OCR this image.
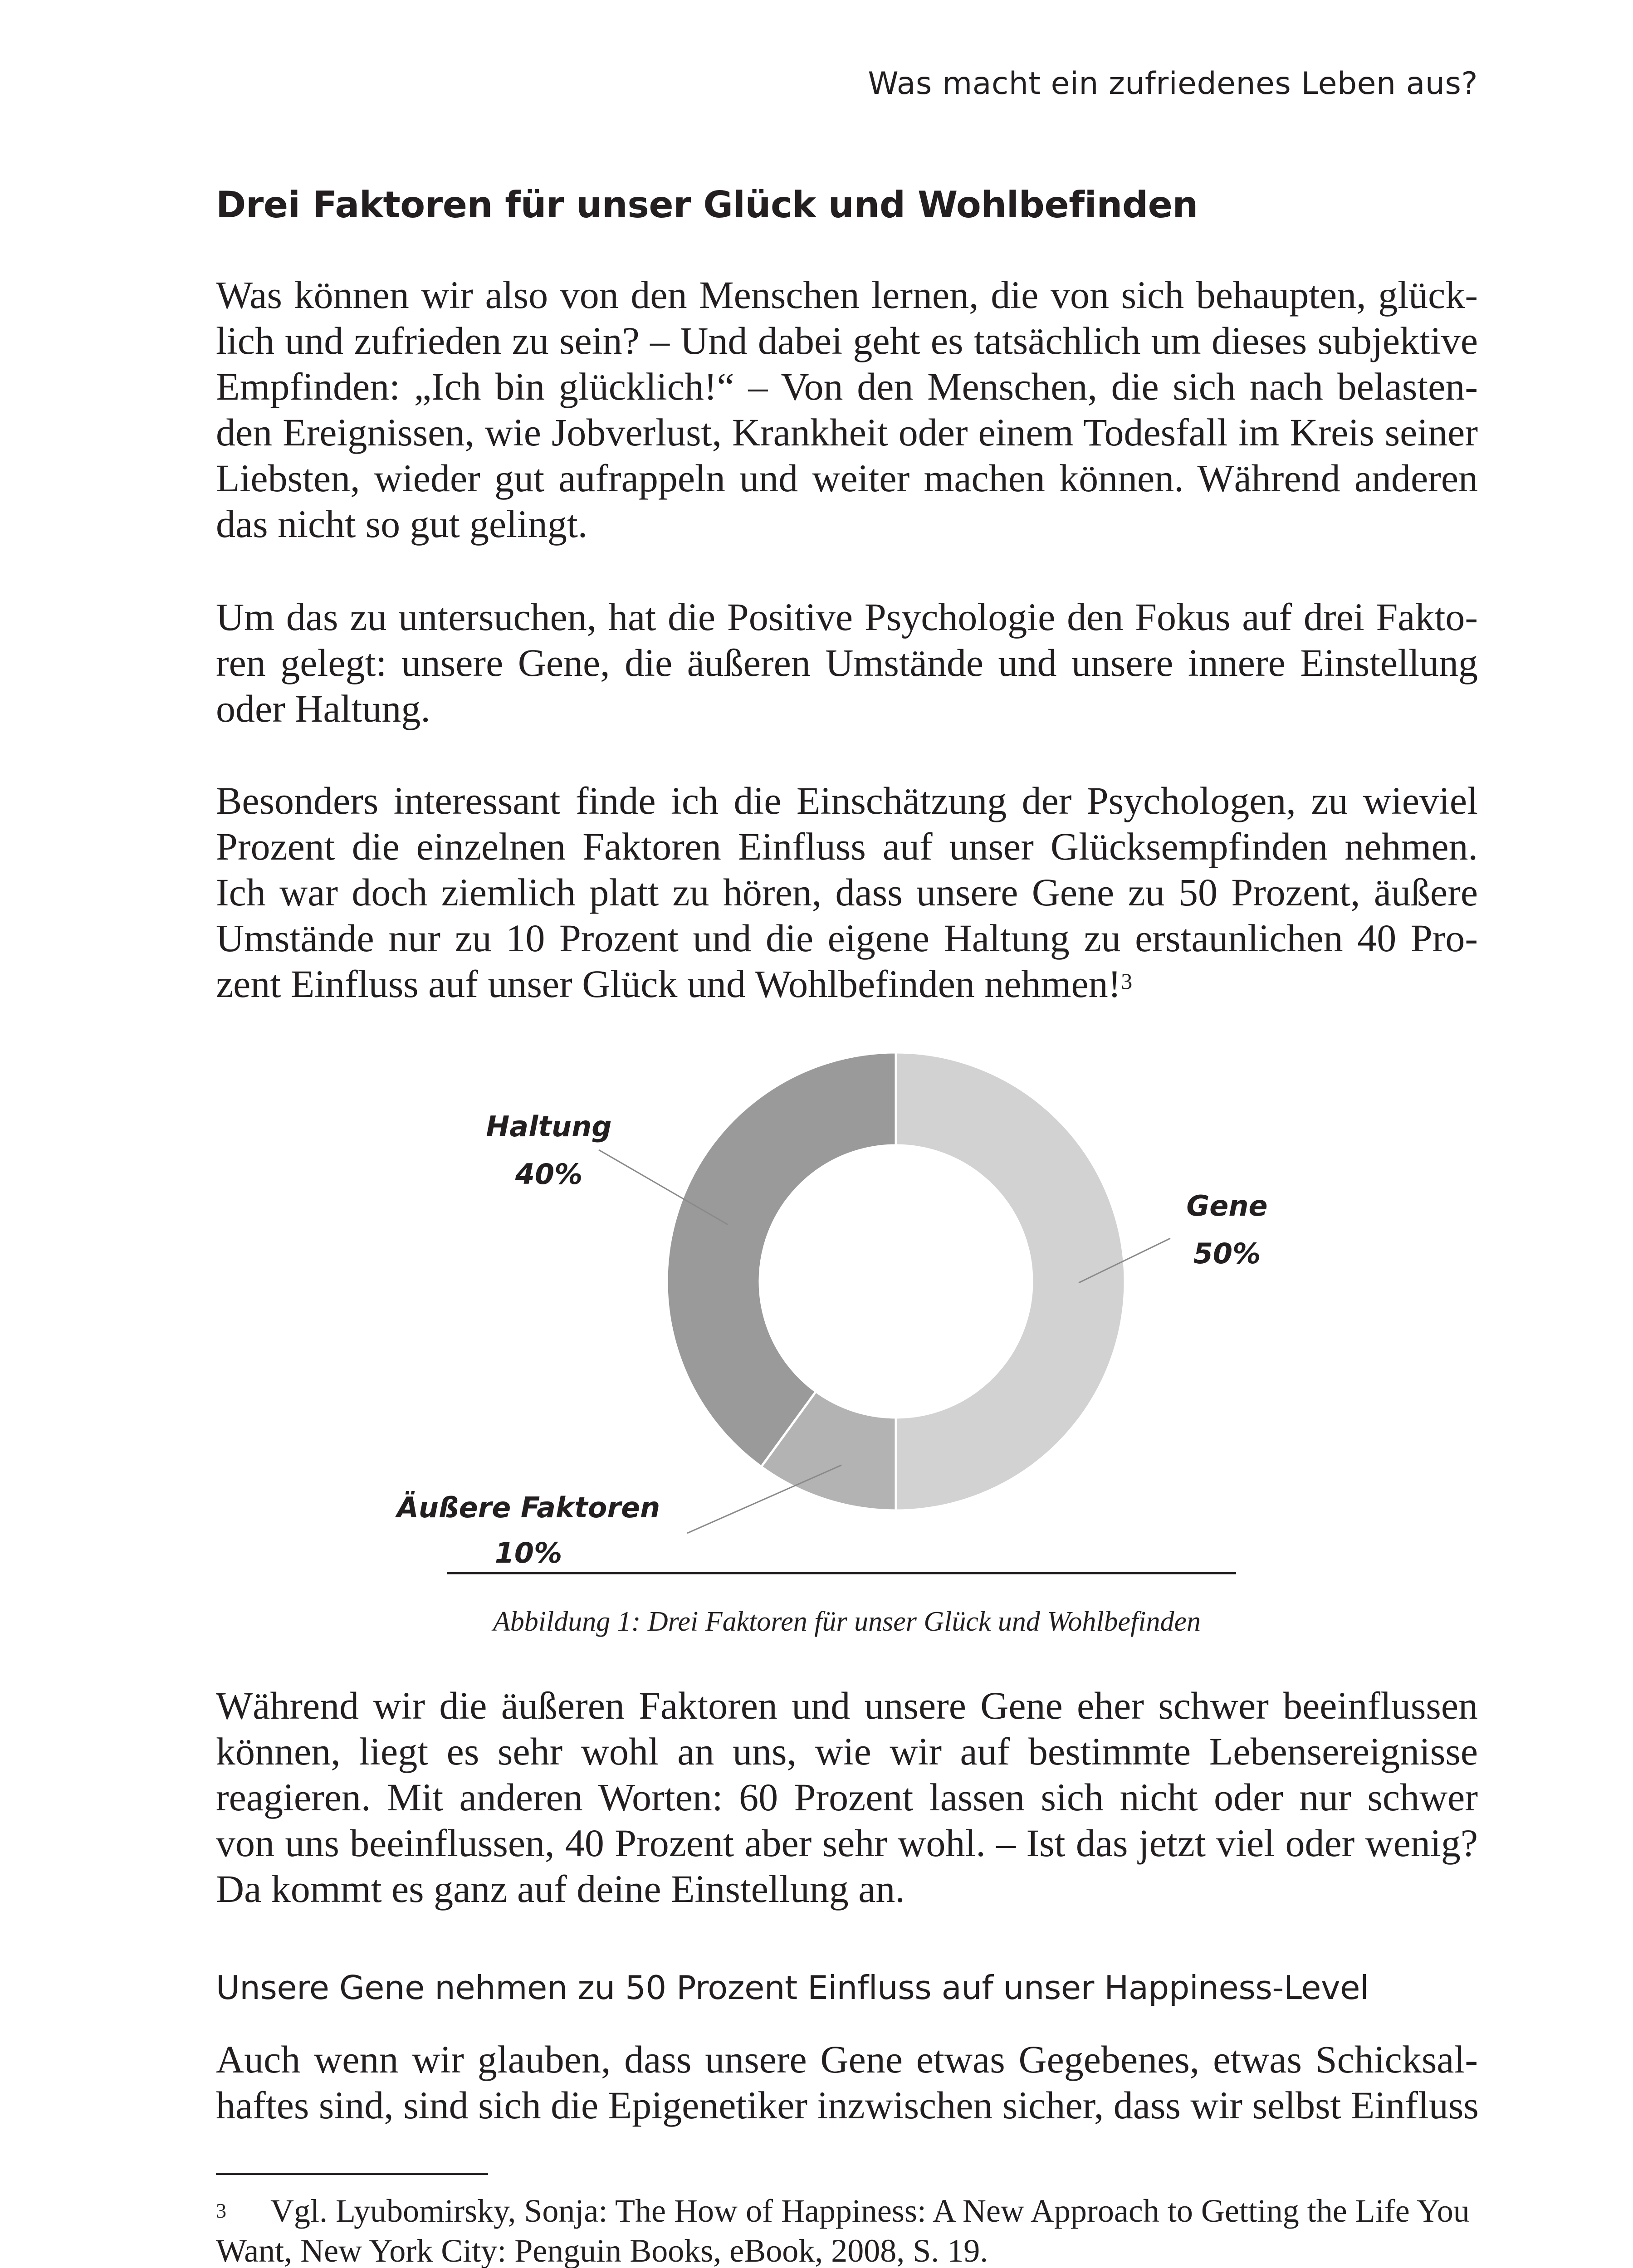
Was macht ein zufriedenes Leben aus?
Drei Faktoren für unser Glück und Wohlbefinden
Was können wir also von den Menschen lernen, die von sich behaupten, glück-
lich und zufrieden zu sein? – Und dabei geht es tatsächlich um dieses subjektive
Empfinden: „Ich bin glücklich!“ – Von den Menschen, die sich nach belasten-
den Ereignissen, wie Jobverlust, Krankheit oder einem Todesfall im Kreis seiner
Liebsten, wieder gut aufrappeln und weiter machen können. Während anderen
das nicht so gut gelingt.
Um das zu untersuchen, hat die Positive Psychologie den Fokus auf drei Fakto-
ren gelegt: unsere Gene, die äußeren Umstände und unsere innere Einstellung
oder Haltung.
Besonders interessant finde ich die Einschätzung der Psychologen, zu wieviel
Prozent die einzelnen Faktoren Einfluss auf unser Glücksempfinden nehmen.
Ich war doch ziemlich platt zu hören, dass unsere Gene zu 50 Prozent, äußere
Umstände nur zu 10 Prozent und die eigene Haltung zu erstaunlichen 40 Pro-
zent Einfluss auf unser Glück und Wohlbefinden nehmen!$^3$
Haltung
40%
Gene
50%
Äußere Faktoren
10%
Abbildung 1: Drei Faktoren für unser Glück und Wohlbefinden
Während wir die äußeren Faktoren und unsere Gene eher schwer beeinflussen
können, liegt es sehr wohl an uns, wie wir auf bestimmte Lebensereignisse
reagieren. Mit anderen Worten: 60 Prozent lassen sich nicht oder nur schwer
von uns beeinflussen, 40 Prozent aber sehr wohl. – Ist das jetzt viel oder wenig?
Da kommt es ganz auf deine Einstellung an.
Unsere Gene nehmen zu 50 Prozent Einfluss auf unser Happiness-Level
Auch wenn wir glauben, dass unsere Gene etwas Gegebenes, etwas Schicksal-
haftes sind, sind sich die Epigenetiker inzwischen sicher, dass wir selbst Einfluss
3 Vgl. Lyubomirsky, Sonja: The How of Happiness: A New Approach to Getting the Life You Want, New York City: Penguin Books, eBook, 2008, S. 19.
